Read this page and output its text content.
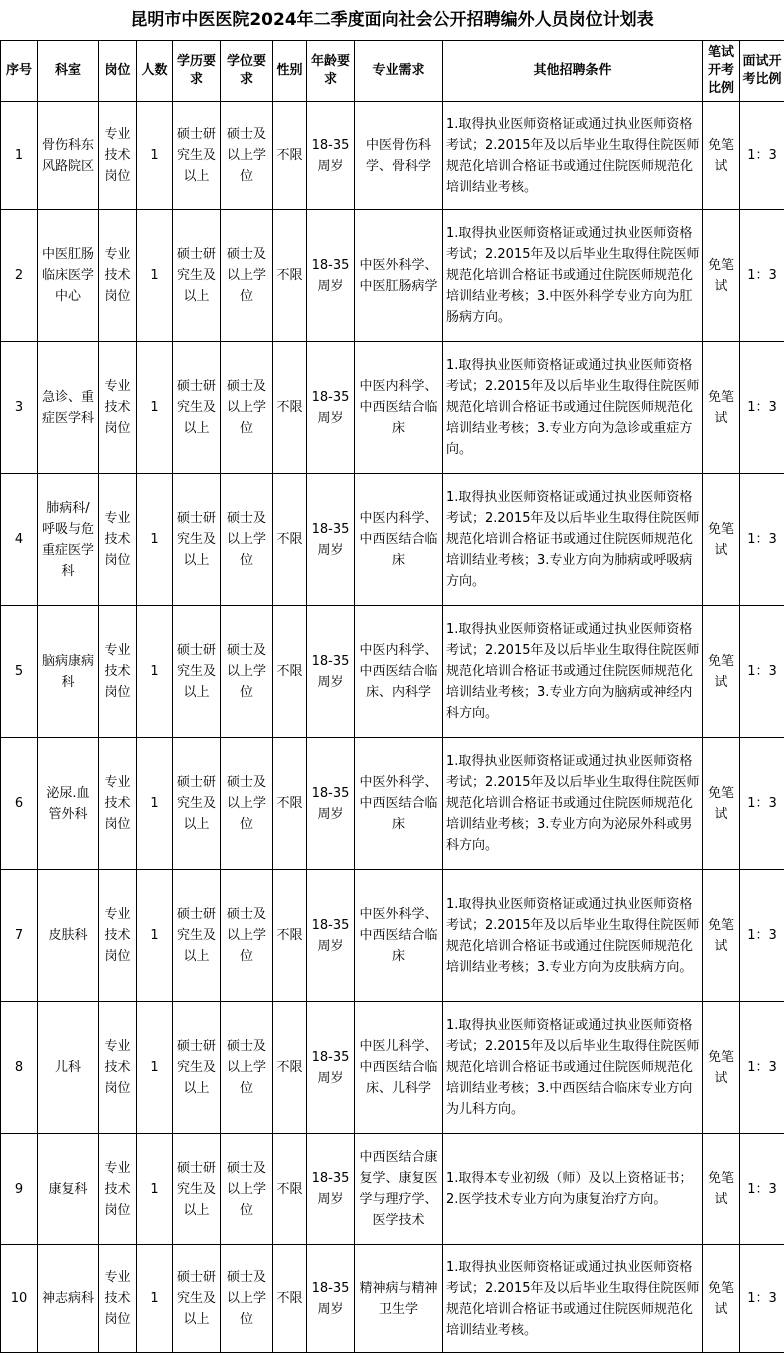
昆明市中医医院2024年二季度面向社会公开招聘编外人员岗位计划表
序号	科室	岗位	人数	学历要求	学位要求	性别	年龄要求	专业需求	其他招聘条件	笔试开考比例	面试开考比例
1	骨伤科东风路院区	专业技术岗位	1	硕士研究生及以上	硕士及以上学位	不限	18-35周岁	中医骨伤科学、骨科学	1.取得执业医师资格证或通过执业医师资格考试；2.2015年及以后毕业生取得住院医师规范化培训合格证书或通过住院医师规范化培训结业考核。	免笔试	1：3
2	中医肛肠临床医学中心	专业技术岗位	1	硕士研究生及以上	硕士及以上学位	不限	18-35周岁	中医外科学、中医肛肠病学	1.取得执业医师资格证或通过执业医师资格考试；2.2015年及以后毕业生取得住院医师规范化培训合格证书或通过住院医师规范化培训结业考核；3.中医外科学专业方向为肛肠病方向。	免笔试	1：3
3	急诊、重症医学科	专业技术岗位	1	硕士研究生及以上	硕士及以上学位	不限	18-35周岁	中医内科学、中西医结合临床	1.取得执业医师资格证或通过执业医师资格考试；2.2015年及以后毕业生取得住院医师规范化培训合格证书或通过住院医师规范化培训结业考核；3.专业方向为急诊或重症方向。	免笔试	1：3
4	肺病科/呼吸与危重症医学科	专业技术岗位	1	硕士研究生及以上	硕士及以上学位	不限	18-35周岁	中医内科学、中西医结合临床	1.取得执业医师资格证或通过执业医师资格考试；2.2015年及以后毕业生取得住院医师规范化培训合格证书或通过住院医师规范化培训结业考核；3.专业方向为肺病或呼吸病方向。	免笔试	1：3
5	脑病康病科	专业技术岗位	1	硕士研究生及以上	硕士及以上学位	不限	18-35周岁	中医内科学、中西医结合临床、内科学	1.取得执业医师资格证或通过执业医师资格考试；2.2015年及以后毕业生取得住院医师规范化培训合格证书或通过住院医师规范化培训结业考核；3.专业方向为脑病或神经内科方向。	免笔试	1：3
6	泌尿.血管外科	专业技术岗位	1	硕士研究生及以上	硕士及以上学位	不限	18-35周岁	中医外科学、中西医结合临床	1.取得执业医师资格证或通过执业医师资格考试；2.2015年及以后毕业生取得住院医师规范化培训合格证书或通过住院医师规范化培训结业考核；3.专业方向为泌尿外科或男科方向。	免笔试	1：3
7	皮肤科	专业技术岗位	1	硕士研究生及以上	硕士及以上学位	不限	18-35周岁	中医外科学、中西医结合临床	1.取得执业医师资格证或通过执业医师资格考试；2.2015年及以后毕业生取得住院医师规范化培训合格证书或通过住院医师规范化培训结业考核；3.专业方向为皮肤病方向。	免笔试	1：3
8	儿科	专业技术岗位	1	硕士研究生及以上	硕士及以上学位	不限	18-35周岁	中医儿科学、中西医结合临床、儿科学	1.取得执业医师资格证或通过执业医师资格考试；2.2015年及以后毕业生取得住院医师规范化培训合格证书或通过住院医师规范化培训结业考核；3.中西医结合临床专业方向为儿科方向。	免笔试	1：3
9	康复科	专业技术岗位	1	硕士研究生及以上	硕士及以上学位	不限	18-35周岁	中西医结合康复学、康复医学与理疗学、医学技术	1.取得本专业初级（师）及以上资格证书；2.医学技术专业方向为康复治疗方向。	免笔试	1：3
10	神志病科	专业技术岗位	1	硕士研究生及以上	硕士及以上学位	不限	18-35周岁	精神病与精神卫生学	1.取得执业医师资格证或通过执业医师资格考试；2.2015年及以后毕业生取得住院医师规范化培训合格证书或通过住院医师规范化培训结业考核。	免笔试	1：3
